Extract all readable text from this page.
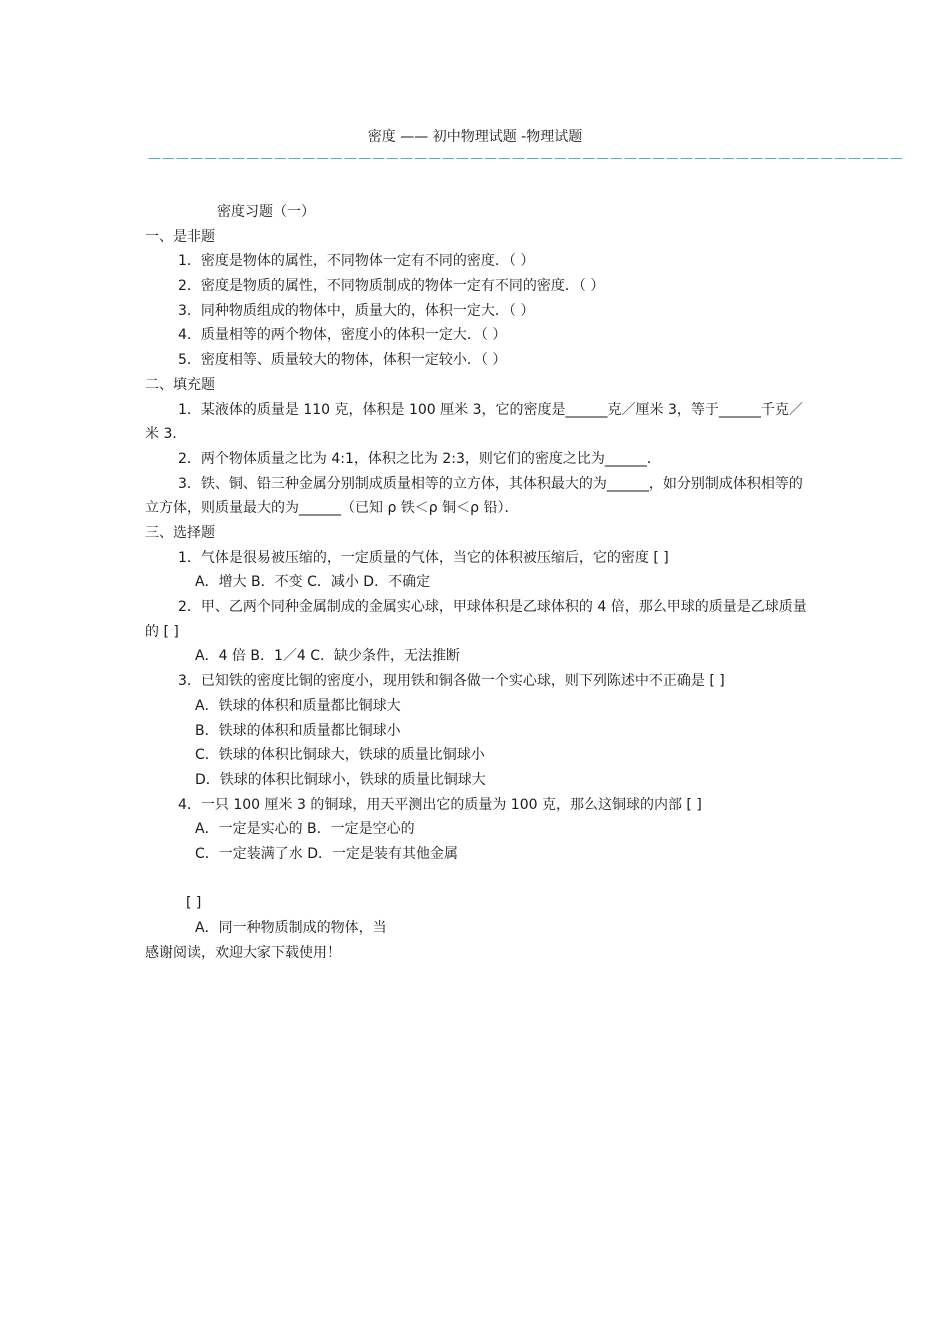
密度 —— 初中物理试题 -物理试题
——————————————————————————————————————————————————————
密度习题（一）
一、是非题
1．密度是物体的属性，不同物体一定有不同的密度．（ ）
2．密度是物质的属性，不同物质制成的物体一定有不同的密度．（ ）
3．同种物质组成的物体中，质量大的，体积一定大．（ ）
4．质量相等的两个物体，密度小的体积一定大．（ ）
5．密度相等、质量较大的物体，体积一定较小．（ ）
二、填充题
1．某液体的质量是 110 克，体积是 100 厘米 3，它的密度是______克／厘米 3，等于______千克／米 3．
2．两个物体质量之比为 4:1，体积之比为 2:3，则它们的密度之比为______．
3．铁、铜、铅三种金属分别制成质量相等的立方体，其体积最大的为______，如分别制成体积相等的立方体，则质量最大的为______（已知 ρ 铁＜ρ 铜＜ρ 铅）．
三、选择题
1．气体是很易被压缩的，一定质量的气体，当它的体积被压缩后，它的密度 [ ]
A．增大 B．不变 C．减小 D．不确定
2．甲、乙两个同种金属制成的金属实心球，甲球体积是乙球体积的 4 倍，那么甲球的质量是乙球质量的 [ ]
A．4 倍 B．1／4 C．缺少条件，无法推断
3．已知铁的密度比铜的密度小，现用铁和铜各做一个实心球，则下列陈述中不正确是 [ ]
A．铁球的体积和质量都比铜球大
B．铁球的体积和质量都比铜球小
C．铁球的体积比铜球大，铁球的质量比铜球小
D．铁球的体积比铜球小，铁球的质量比铜球大
4．一只 100 厘米 3 的铜球，用天平测出它的质量为 100 克，那么这铜球的内部 [ ]
A．一定是实心的 B．一定是空心的
C．一定装满了水 D．一定是装有其他金属
[ ]
A．同一种物质制成的物体，当
感谢阅读，欢迎大家下载使用！
